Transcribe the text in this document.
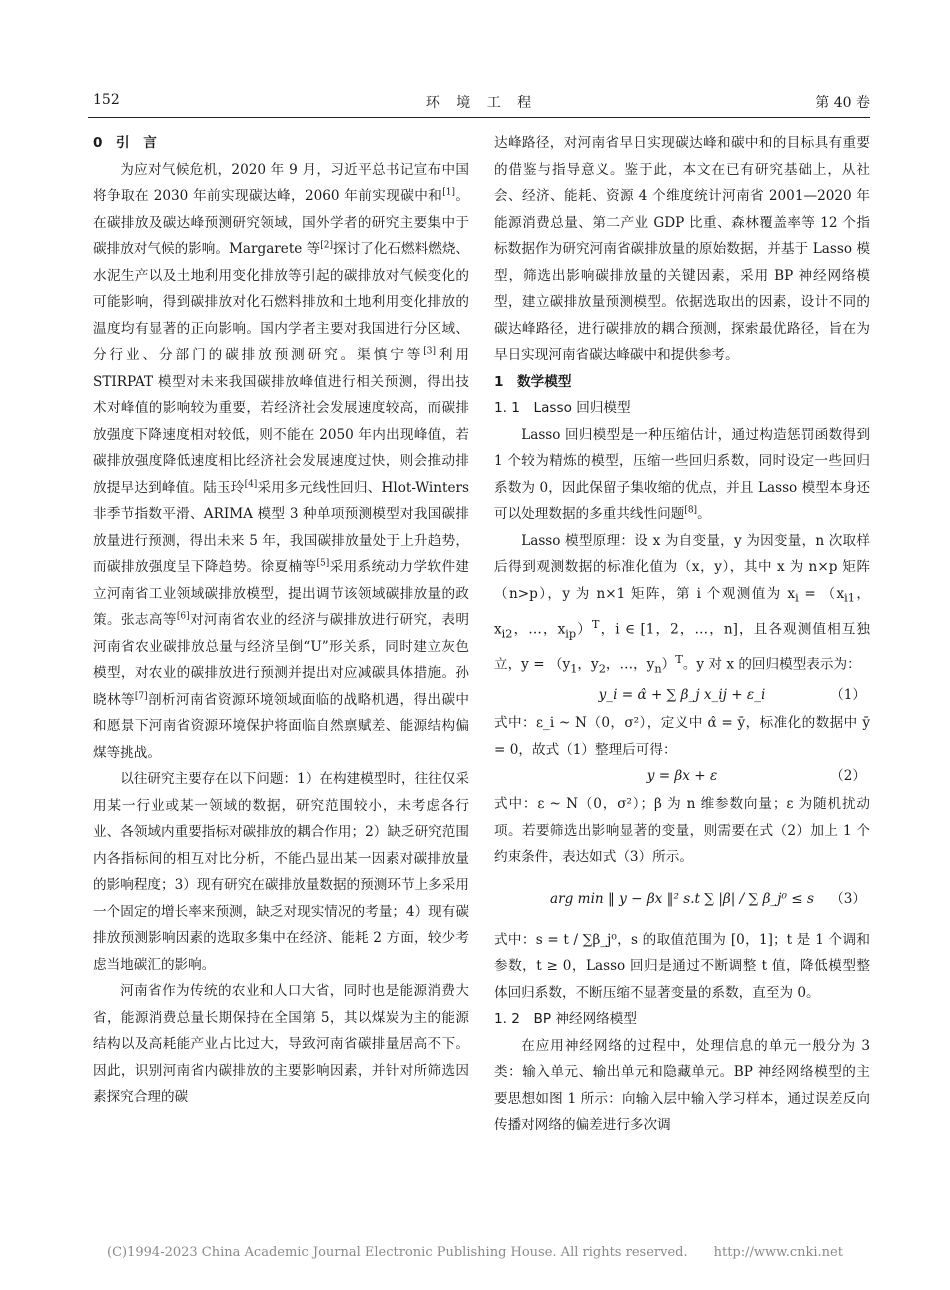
152	环 境 工 程	第 40 卷

0　引　言

为应对气候危机，2020 年 9 月，习近平总书记宣布中国将争取在 2030 年前实现碳达峰，2060 年前实现碳中和[1]。在碳排放及碳达峰预测研究领域，国外学者的研究主要集中于碳排放对气候的影响。Margarete 等[2]探讨了化石燃料燃烧、水泥生产以及土地利用变化排放等引起的碳排放对气候变化的可能影响，得到碳排放对化石燃料排放和土地利用变化排放的温度均有显著的正向影响。国内学者主要对我国进行分区域、分行业、分部门的碳排放预测研究。渠慎宁等[3]利用 STIRPAT 模型对未来我国碳排放峰值进行相关预测，得出技术对峰值的影响较为重要，若经济社会发展速度较高，而碳排放强度下降速度相对较低，则不能在 2050 年内出现峰值，若碳排放强度降低速度相比经济社会发展速度过快，则会推动排放提早达到峰值。陆玉玲[4]采用多元线性回归、Hlot-Winters 非季节指数平滑、ARIMA 模型 3 种单项预测模型对我国碳排放量进行预测，得出未来 5 年，我国碳排放量处于上升趋势，而碳排放强度呈下降趋势。徐夏楠等[5]采用系统动力学软件建立河南省工业领域碳排放模型，提出调节该领域碳排放量的政策。张志高等[6]对河南省农业的经济与碳排放进行研究，表明河南省农业碳排放总量与经济呈倒“U”形关系，同时建立灰色模型，对农业的碳排放进行预测并提出对应减碳具体措施。孙晓林等[7]剖析河南省资源环境领域面临的战略机遇，得出碳中和愿景下河南省资源环境保护将面临自然禀赋差、能源结构偏煤等挑战。

以往研究主要存在以下问题：1）在构建模型时，往往仅采用某一行业或某一领域的数据，研究范围较小，未考虑各行业、各领域内重要指标对碳排放的耦合作用；2）缺乏研究范围内各指标间的相互对比分析，不能凸显出某一因素对碳排放量的影响程度；3）现有研究在碳排放量数据的预测环节上多采用一个固定的增长率来预测，缺乏对现实情况的考量；4）现有碳排放预测影响因素的选取多集中在经济、能耗 2 方面，较少考虑当地碳汇的影响。

河南省作为传统的农业和人口大省，同时也是能源消费大省，能源消费总量长期保持在全国第 5，其以煤炭为主的能源结构以及高耗能产业占比过大，导致河南省碳排量居高不下。因此，识别河南省内碳排放的主要影响因素，并针对所筛选因素探究合理的碳

达峰路径，对河南省早日实现碳达峰和碳中和的目标具有重要的借鉴与指导意义。鉴于此，本文在已有研究基础上，从社会、经济、能耗、资源 4 个维度统计河南省 2001—2020 年能源消费总量、第二产业 GDP 比重、森林覆盖率等 12 个指标数据作为研究河南省碳排放量的原始数据，并基于 Lasso 模型，筛选出影响碳排放量的关键因素，采用 BP 神经网络模型，建立碳排放量预测模型。依据选取出的因素，设计不同的碳达峰路径，进行碳排放的耦合预测，探索最优路径，旨在为早日实现河南省碳达峰碳中和提供参考。

1　数学模型

1. 1　Lasso 回归模型

Lasso 回归模型是一种压缩估计，通过构造惩罚函数得到 1 个较为精炼的模型，压缩一些回归系数，同时设定一些回归系数为 0，因此保留子集收缩的优点，并且 Lasso 模型本身还可以处理数据的多重共线性问题[8]。

Lasso 模型原理：设 x 为自变量，y 为因变量，n 次取样后得到观测数据的标准化值为（x，y），其中 x 为 n×p 矩阵（n>p），y 为 n×1 矩阵，第 i 个观测值为 $x_i = (x_{i1}$，$x_{i2}$，…，$x_{ip})^T$，i ∈ [1，2，…，n]，且各观测值相互独立，$y = (y_1$，$y_2$，…，$y_n)^T$。y 对 x 的回归模型表示为：

y_i = α̂ + ∑ β_j x_ij + ε_i	（1）

式中：ε_i ~ N（0，σ²），定义中 α̂ = ȳ，标准化的数据中 ȳ = 0，故式（1）整理后可得：

y = βx + ε	（2）

式中：ε ~ N（0，σ²）；β 为 n 维参数向量；ε 为随机扰动项。若要筛选出影响显著的变量，则需要在式（2）加上 1 个约束条件，表达如式（3）所示。

arg min ‖ y − βx ‖² s.t ∑ |β| / ∑ β_j⁰ ≤ s （3）

式中：s = t / ∑β_j⁰，s 的取值范围为 [0，1]；t 是 1 个调和参数，t ≥ 0，Lasso 回归是通过不断调整 t 值，降低模型整体回归系数，不断压缩不显著变量的系数，直至为 0。

1. 2　BP 神经网络模型

在应用神经网络的过程中，处理信息的单元一般分为 3 类：输入单元、输出单元和隐藏单元。BP 神经网络模型的主要思想如图 1 所示：向输入层中输入学习样本，通过误差反向传播对网络的偏差进行多次调

(C)1994-2023 China Academic Journal Electronic Publishing House. All rights reserved.　　http://www.cnki.net
